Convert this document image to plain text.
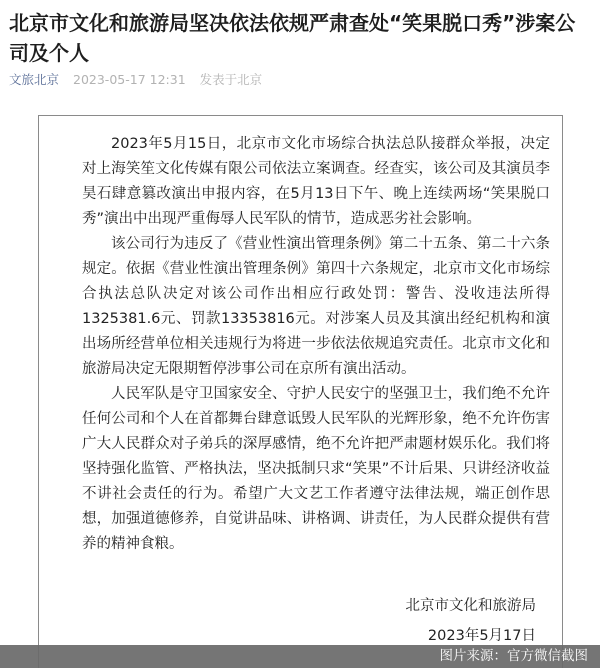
北京市文化和旅游局坚决依法依规严肃查处“笑果脱口秀”涉案公司及个人
文旅北京 2023-05-17 12:31 发表于北京

2023年5月15日，北京市文化市场综合执法总队接群众举报，决定对上海笑笙文化传媒有限公司依法立案调查。经查实，该公司及其演员李昊石肆意篡改演出申报内容，在5月13日下午、晚上连续两场“笑果脱口秀”演出中出现严重侮辱人民军队的情节，造成恶劣社会影响。

该公司行为违反了《营业性演出管理条例》第二十五条、第二十六条规定。依据《营业性演出管理条例》第四十六条规定，北京市文化市场综合执法总队决定对该公司作出相应行政处罚：警告、没收违法所得1325381.6元、罚款13353816元。对涉案人员及其演出经纪机构和演出场所经营单位相关违规行为将进一步依法依规追究责任。北京市文化和旅游局决定无限期暂停涉事公司在京所有演出活动。

人民军队是守卫国家安全、守护人民安宁的坚强卫士，我们绝不允许任何公司和个人在首都舞台肆意诋毁人民军队的光辉形象，绝不允许伤害广大人民群众对子弟兵的深厚感情，绝不允许把严肃题材娱乐化。我们将坚持强化监管、严格执法，坚决抵制只求“笑果”不计后果、只讲经济收益不讲社会责任的行为。希望广大文艺工作者遵守法律法规，端正创作思想，加强道德修养，自觉讲品味、讲格调、讲责任，为人民群众提供有营养的精神食粮。

北京市文化和旅游局
2023年5月17日
图片来源：官方微信截图
